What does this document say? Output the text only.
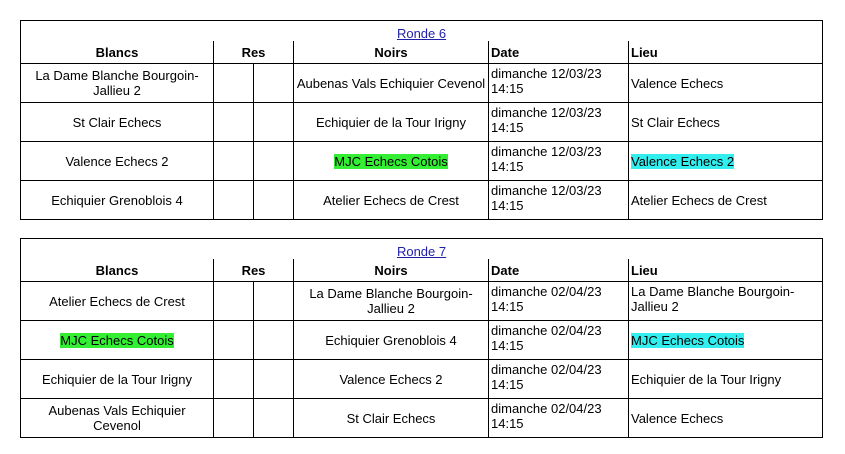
Ronde 6					
Blancs	Res		Noirs	Date	Lieu
La Dame Blanche Bourgoin-Jallieu 2			Aubenas Vals Echiquier Cevenol	dimanche 12/03/23 14:15	Valence Echecs
St Clair Echecs			Echiquier de la Tour Irigny	dimanche 12/03/23 14:15	St Clair Echecs
Valence Echecs 2			MJC Echecs Cotois	dimanche 12/03/23 14:15	Valence Echecs 2
Echiquier Grenoblois 4			Atelier Echecs de Crest	dimanche 12/03/23 14:15	Atelier Echecs de Crest
Ronde 7					
Blancs	Res		Noirs	Date	Lieu
Atelier Echecs de Crest			La Dame Blanche Bourgoin-Jallieu 2	dimanche 02/04/23 14:15	La Dame Blanche Bourgoin-Jallieu 2
MJC Echecs Cotois			Echiquier Grenoblois 4	dimanche 02/04/23 14:15	MJC Echecs Cotois
Echiquier de la Tour Irigny			Valence Echecs 2	dimanche 02/04/23 14:15	Echiquier de la Tour Irigny
Aubenas Vals Echiquier Cevenol			St Clair Echecs	dimanche 02/04/23 14:15	Valence Echecs
